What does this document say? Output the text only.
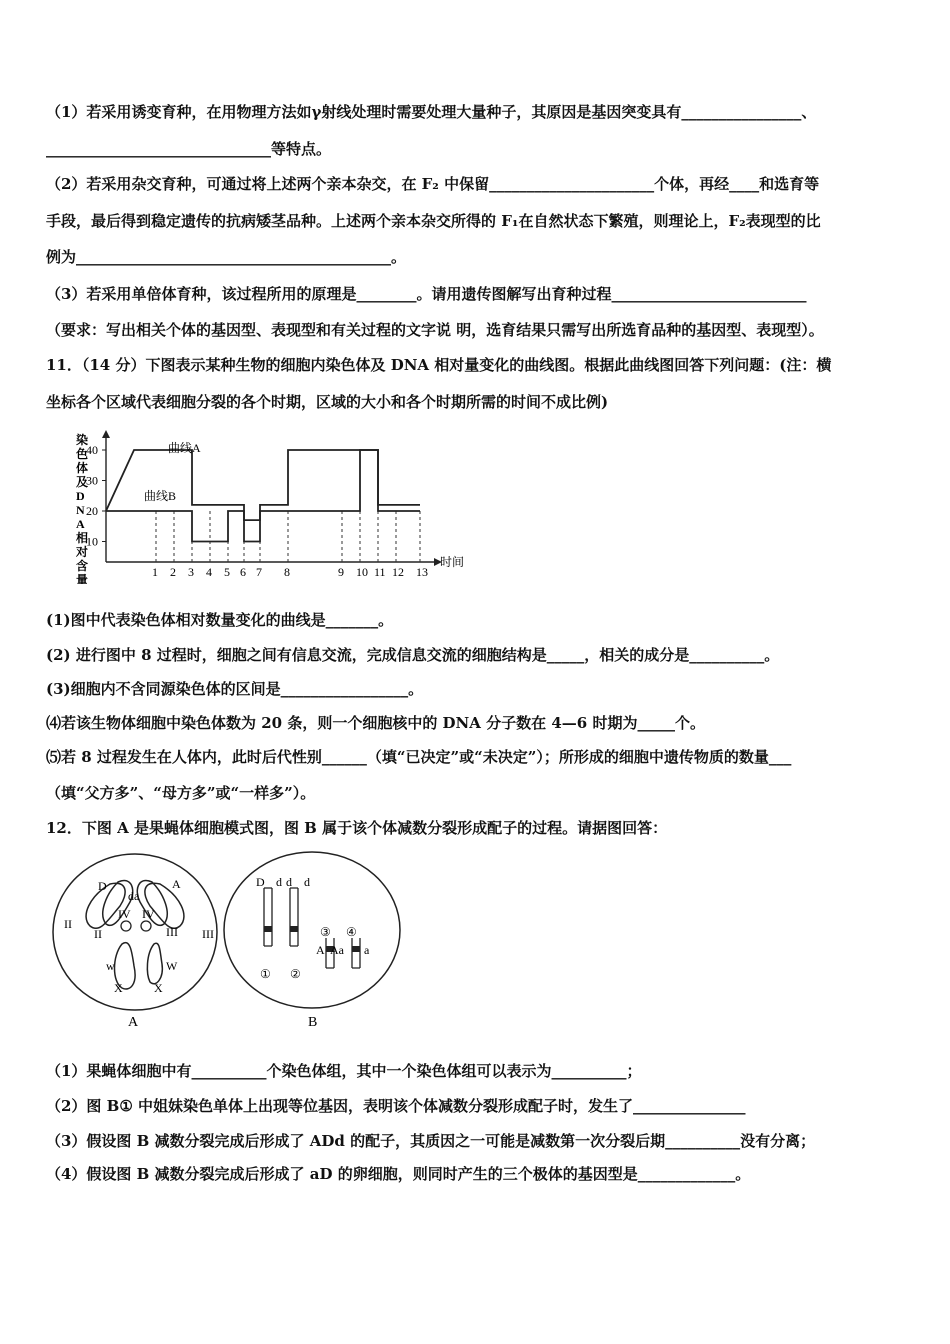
（1）若采用诱变育种，在用物理方法如γ射线处理时需要处理大量种子，其原因是基因突变具有________________、
______________________________等特点。
（2）若采用杂交育种，可通过将上述两个亲本杂交，在 F₂ 中保留______________________个体，再经____和选育等
手段，最后得到稳定遗传的抗病矮茎品种。上述两个亲本杂交所得的 F₁在自然状态下繁殖，则理论上，F₂表现型的比
例为__________________________________________。
（3）若采用单倍体育种，该过程所用的原理是________。请用遗传图解写出育种过程__________________________
（要求：写出相关个体的基因型、表现型和有关过程的文字说 明，选育结果只需写出所选育品种的基因型、表现型）。
11．（14 分）下图表示某种生物的细胞内染色体及 DNA 相对量变化的曲线图。根据此曲线图回答下列问题：(注：横
坐标各个区域代表细胞分裂的各个时期，区域的大小和各个时期所需的时间不成比例)
时间
染
色
体
及
D
N
A
相
对
含
量
10
20
30
40
1 2 3 4 5 6 7 8	9 10 11 12 13
曲线A
曲线B
(1)图中代表染色体相对数量变化的曲线是_______。
(2) 进行图中 8 过程时，细胞之间有信息交流，完成信息交流的细胞结构是_____，相关的成分是__________。
(3)细胞内不含同源染色体的区间是_________________。
⑷若该生物体细胞中染色体数为 20 条，则一个细胞核中的 DNA 分子数在 4—6 时期为_____个。
⑸若 8 过程发生在人体内，此时后代性别______（填“已决定”或“未决定”）；所形成的细胞中遗传物质的数量___
（填“父方多”、“母方多”或“一样多”）。
12．下图 A 是果蝇体细胞模式图，图 B 属于该个体减数分裂形成配子的过程。请据图回答：
D
da
A
II
IV IV
III
II	III
w	W
X	X
A
D d d d
③ ④
A Aa a
① ②
B
（1）果蝇体细胞中有__________个染色体组，其中一个染色体组可以表示为__________；
（2）图 B① 中姐妹染色单体上出现等位基因，表明该个体减数分裂形成配子时，发生了_______________
（3）假设图 B 减数分裂完成后形成了 ADd 的配子，其质因之一可能是减数第一次分裂后期__________没有分离；
（4）假设图 B 减数分裂完成后形成了 aD 的卵细胞，则同时产生的三个极体的基因型是_____________。
